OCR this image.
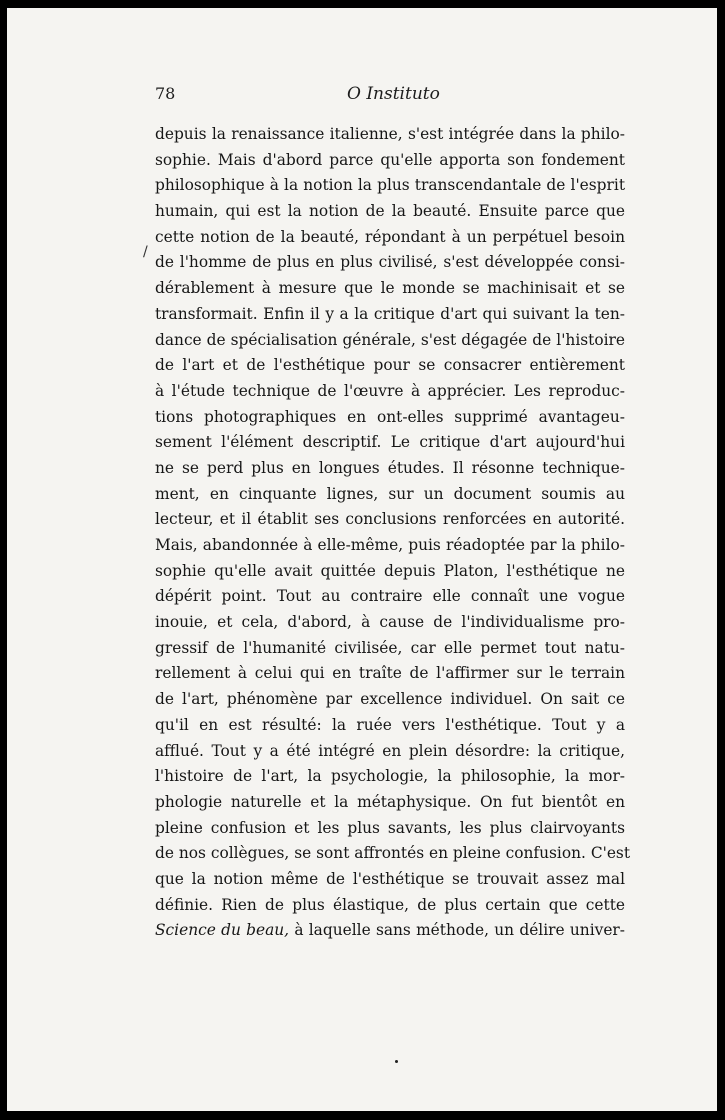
78	O Instituto
/
depuis la renaissance italienne, s'est intégrée dans la philo-
sophie. Mais d'abord parce qu'elle apporta son fondement
philosophique à la notion la plus transcendantale de l'esprit
humain, qui est la notion de la beauté. Ensuite parce que
cette notion de la beauté, répondant à un perpétuel besoin
de l'homme de plus en plus civilisé, s'est développée consi-
dérablement à mesure que le monde se machinisait et se
transformait. Enfin il y a la critique d'art qui suivant la ten-
dance de spécialisation générale, s'est dégagée de l'histoire
de l'art et de l'esthétique pour se consacrer entièrement
à l'étude technique de l'œuvre à apprécier. Les reproduc-
tions photographiques en ont-elles supprimé avantageu-
sement l'élément descriptif. Le critique d'art aujourd'hui
ne se perd plus en longues études. Il résonne technique-
ment, en cinquante lignes, sur un document soumis au
lecteur, et il établit ses conclusions renforcées en autorité.
Mais, abandonnée à elle-même, puis réadoptée par la philo-
sophie qu'elle avait quittée depuis Platon, l'esthétique ne
dépérit point. Tout au contraire elle connaît une vogue
inouie, et cela, d'abord, à cause de l'individualisme pro-
gressif de l'humanité civilisée, car elle permet tout natu-
rellement à celui qui en traîte de l'affirmer sur le terrain
de l'art, phénomène par excellence individuel. On sait ce
qu'il en est résulté: la ruée vers l'esthétique. Tout y a
afflué. Tout y a été intégré en plein désordre: la critique,
l'histoire de l'art, la psychologie, la philosophie, la mor-
phologie naturelle et la métaphysique. On fut bientôt en
pleine confusion et les plus savants, les plus clairvoyants
de nos collègues, se sont affrontés en pleine confusion. C'est
que la notion même de l'esthétique se trouvait assez mal
définie. Rien de plus élastique, de plus certain que cette
Science du beau, à laquelle sans méthode, un délire univer-
